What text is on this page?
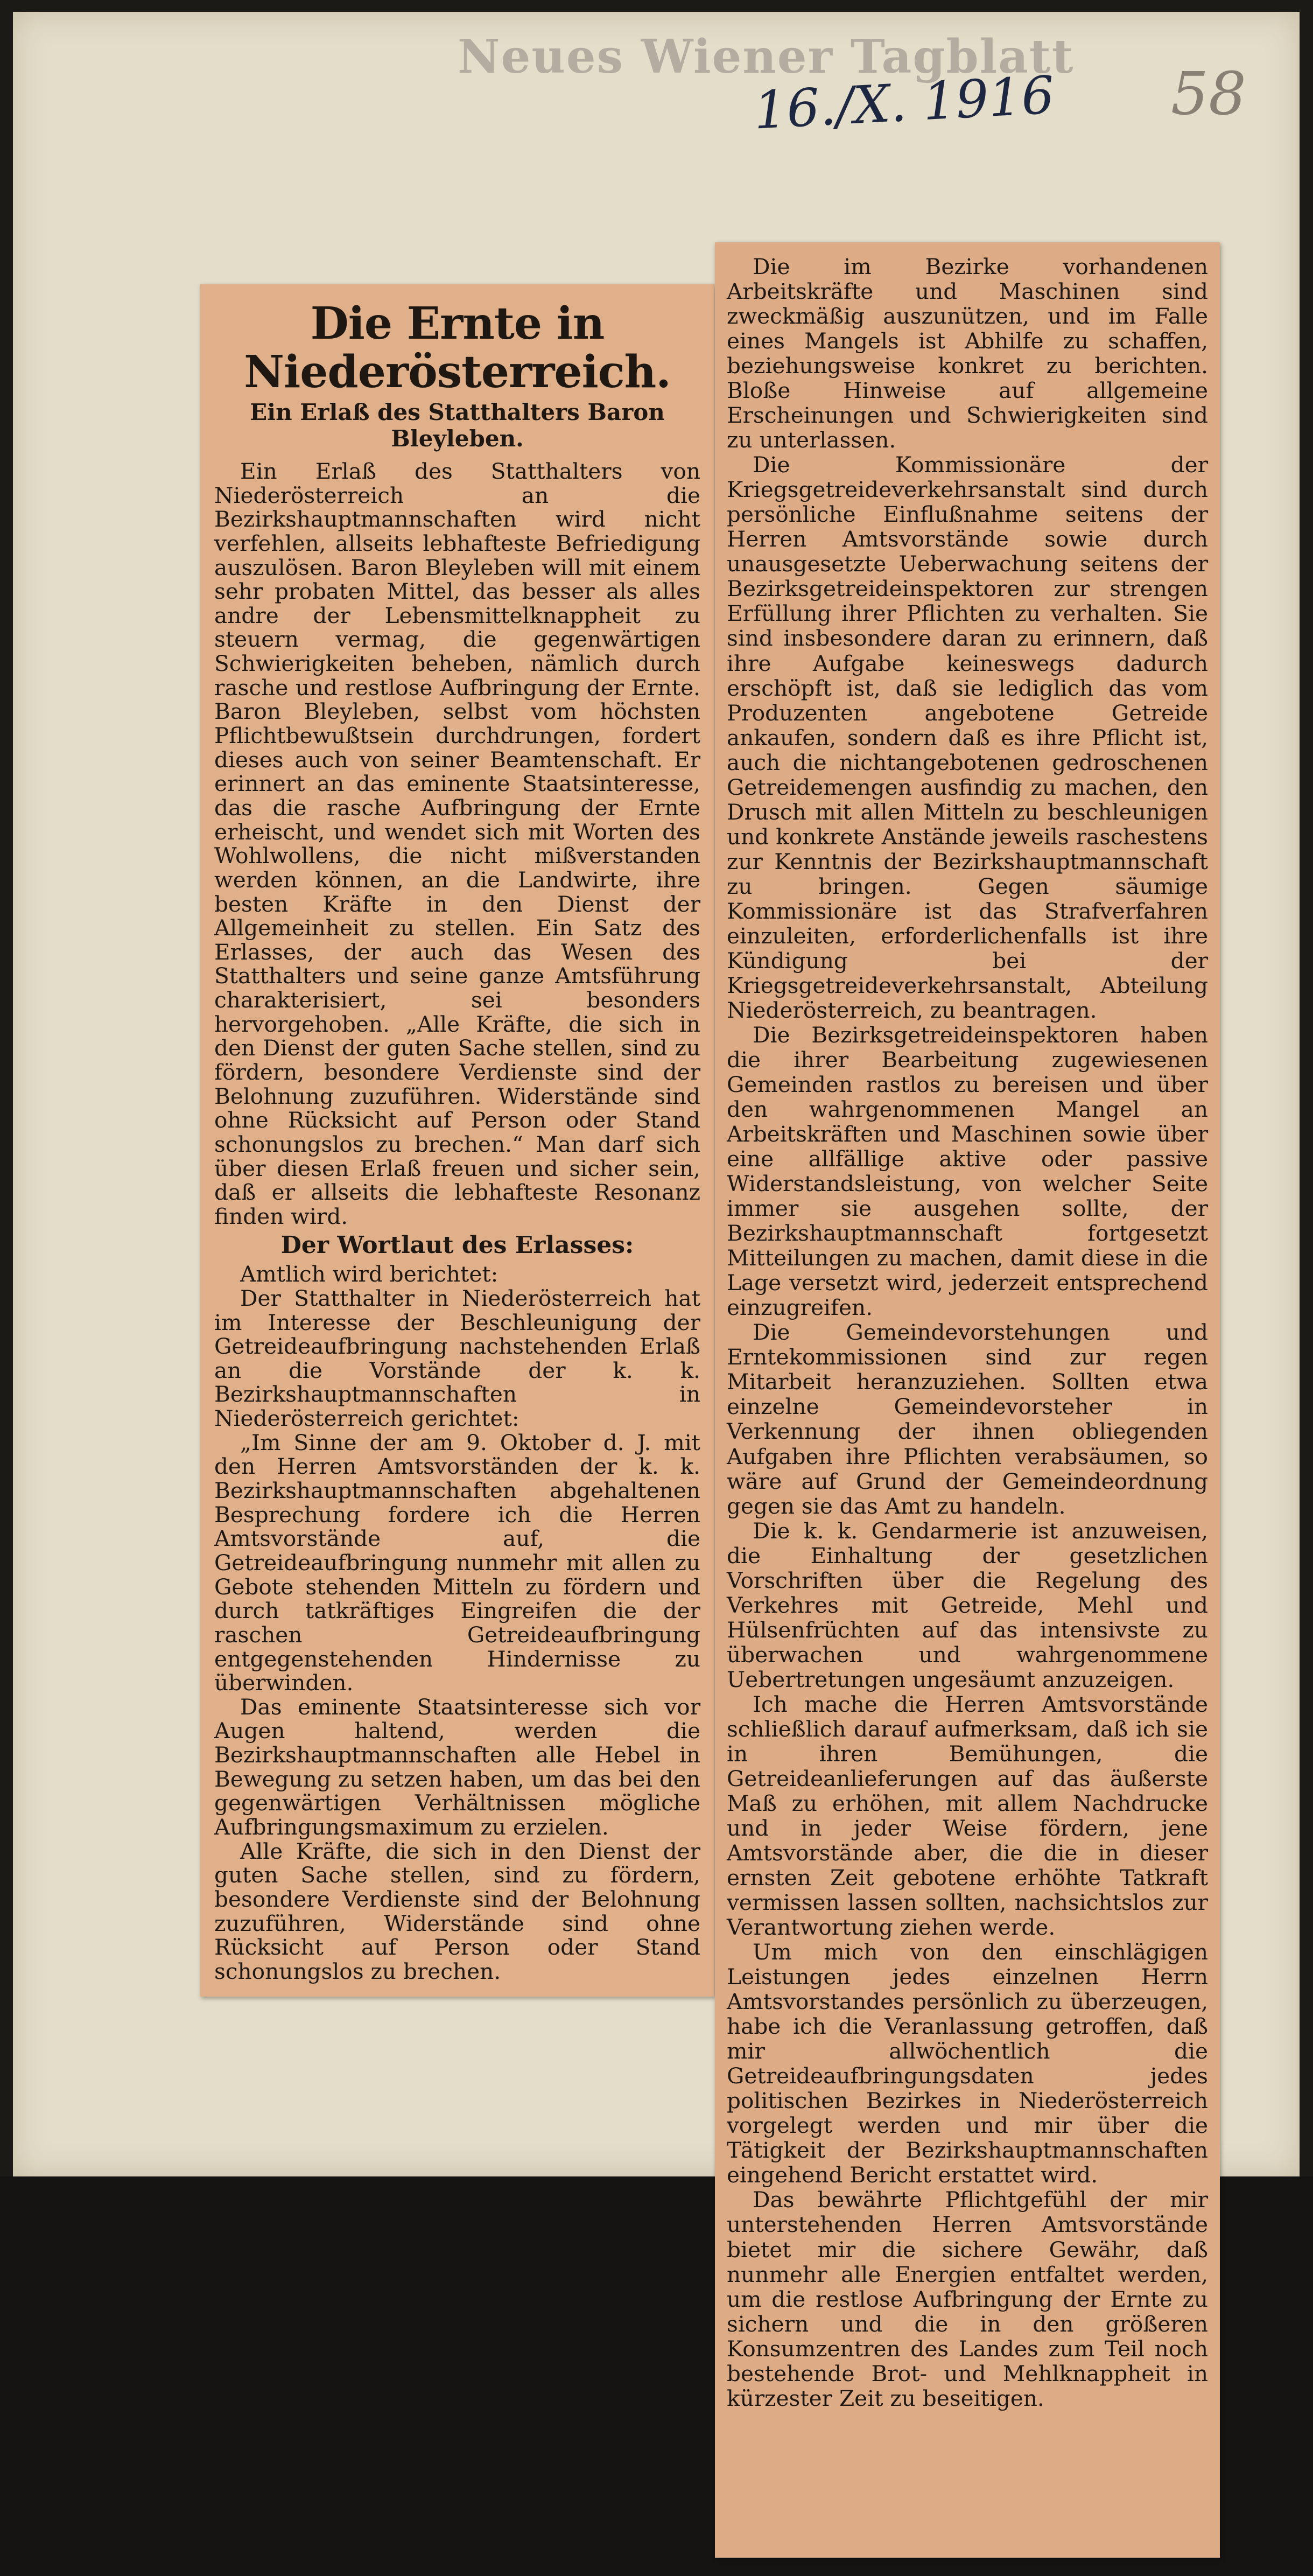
Neues Wiener Tagblatt
16./X. 1916 58
Die Ernte in Niederösterreich.
Ein Erlaß des Statthalters Baron Bleyleben.

Ein Erlaß des Statthalters von Niederösterreich an die Bezirkshauptmannschaften wird nicht verfehlen, allseits lebhafteste Befriedigung auszulösen. Baron Bleyleben will mit einem sehr probaten Mittel, das besser als alles andre der Lebensmittelknappheit zu steuern vermag, die gegenwärtigen Schwierigkeiten beheben, nämlich durch rasche und restlose Aufbringung der Ernte. Baron Bleyleben, selbst vom höchsten Pflichtbewußtsein durchdrungen, fordert dieses auch von seiner Beamtenschaft. Er erinnert an das eminente Staatsinteresse, das die rasche Aufbringung der Ernte erheischt, und wendet sich mit Worten des Wohlwollens, die nicht mißverstanden werden können, an die Landwirte, ihre besten Kräfte in den Dienst der Allgemeinheit zu stellen. Ein Satz des Erlasses, der auch das Wesen des Statthalters und seine ganze Amtsführung charakterisiert, sei besonders hervorgehoben. „Alle Kräfte, die sich in den Dienst der guten Sache stellen, sind zu fördern, besondere Verdienste sind der Belohnung zuzuführen. Widerstände sind ohne Rücksicht auf Person oder Stand schonungslos zu brechen.“ Man darf sich über diesen Erlaß freuen und sicher sein, daß er allseits die lebhafteste Resonanz finden wird.

Der Wortlaut des Erlasses:

Amtlich wird berichtet:

Der Statthalter in Niederösterreich hat im Interesse der Beschleunigung der Getreideaufbringung nachstehenden Erlaß an die Vorstände der k. k. Bezirkshauptmannschaften in Niederösterreich gerichtet:

„Im Sinne der am 9. Oktober d. J. mit den Herren Amtsvorständen der k. k. Bezirkshauptmannschaften abgehaltenen Besprechung fordere ich die Herren Amtsvorstände auf, die Getreideaufbringung nunmehr mit allen zu Gebote stehenden Mitteln zu fördern und durch tatkräftiges Eingreifen die der raschen Getreideaufbringung entgegenstehenden Hindernisse zu überwinden.

Das eminente Staatsinteresse sich vor Augen haltend, werden die Bezirkshauptmannschaften alle Hebel in Bewegung zu setzen haben, um das bei den gegenwärtigen Verhältnissen mögliche Aufbringungsmaximum zu erzielen.

Alle Kräfte, die sich in den Dienst der guten Sache stellen, sind zu fördern, besondere Verdienste sind der Belohnung zuzuführen, Widerstände sind ohne Rücksicht auf Person oder Stand schonungslos zu brechen.

Die im Bezirke vorhandenen Arbeitskräfte und Maschinen sind zweckmäßig auszunützen, und im Falle eines Mangels ist Abhilfe zu schaffen, beziehungsweise konkret zu berichten. Bloße Hinweise auf allgemeine Erscheinungen und Schwierigkeiten sind zu unterlassen.

Die Kommissionäre der Kriegsgetreideverkehrsanstalt sind durch persönliche Einflußnahme seitens der Herren Amtsvorstände sowie durch unausgesetzte Ueberwachung seitens der Bezirksgetreideinspektoren zur strengen Erfüllung ihrer Pflichten zu verhalten. Sie sind insbesondere daran zu erinnern, daß ihre Aufgabe keineswegs dadurch erschöpft ist, daß sie lediglich das vom Produzenten angebotene Getreide ankaufen, sondern daß es ihre Pflicht ist, auch die nichtangebotenen gedroschenen Getreidemengen ausfindig zu machen, den Drusch mit allen Mitteln zu beschleunigen und konkrete Anstände jeweils raschestens zur Kenntnis der Bezirkshauptmannschaft zu bringen. Gegen säumige Kommissionäre ist das Strafverfahren einzuleiten, erforderlichenfalls ist ihre Kündigung bei der Kriegsgetreideverkehrsanstalt, Abteilung Niederösterreich, zu beantragen.

Die Bezirksgetreideinspektoren haben die ihrer Bearbeitung zugewiesenen Gemeinden rastlos zu bereisen und über den wahrgenommenen Mangel an Arbeitskräften und Maschinen sowie über eine allfällige aktive oder passive Widerstandsleistung, von welcher Seite immer sie ausgehen sollte, der Bezirkshauptmannschaft fortgesetzt Mitteilungen zu machen, damit diese in die Lage versetzt wird, jederzeit entsprechend einzugreifen.

Die Gemeindevorstehungen und Erntekommissionen sind zur regen Mitarbeit heranzuziehen. Sollten etwa einzelne Gemeindevorsteher in Verkennung der ihnen obliegenden Aufgaben ihre Pflichten verabsäumen, so wäre auf Grund der Gemeindeordnung gegen sie das Amt zu handeln.

Die k. k. Gendarmerie ist anzuweisen, die Einhaltung der gesetzlichen Vorschriften über die Regelung des Verkehres mit Getreide, Mehl und Hülsenfrüchten auf das intensivste zu überwachen und wahrgenommene Uebertretungen ungesäumt anzuzeigen.

Ich mache die Herren Amtsvorstände schließlich darauf aufmerksam, daß ich sie in ihren Bemühungen, die Getreideanlieferungen auf das äußerste Maß zu erhöhen, mit allem Nachdrucke und in jeder Weise fördern, jene Amtsvorstände aber, die die in dieser ernsten Zeit gebotene erhöhte Tatkraft vermissen lassen sollten, nachsichtslos zur Verantwortung ziehen werde.

Um mich von den einschlägigen Leistungen jedes einzelnen Herrn Amtsvorstandes persönlich zu überzeugen, habe ich die Veranlassung getroffen, daß mir allwöchentlich die Getreideaufbringungsdaten jedes politischen Bezirkes in Niederösterreich vorgelegt werden und mir über die Tätigkeit der Bezirkshauptmannschaften eingehend Bericht erstattet wird.

Das bewährte Pflichtgefühl der mir unterstehenden Herren Amtsvorstände bietet mir die sichere Gewähr, daß nunmehr alle Energien entfaltet werden, um die restlose Aufbringung der Ernte zu sichern und die in den größeren Konsumzentren des Landes zum Teil noch bestehende Brot- und Mehlknappheit in kürzester Zeit zu beseitigen.
